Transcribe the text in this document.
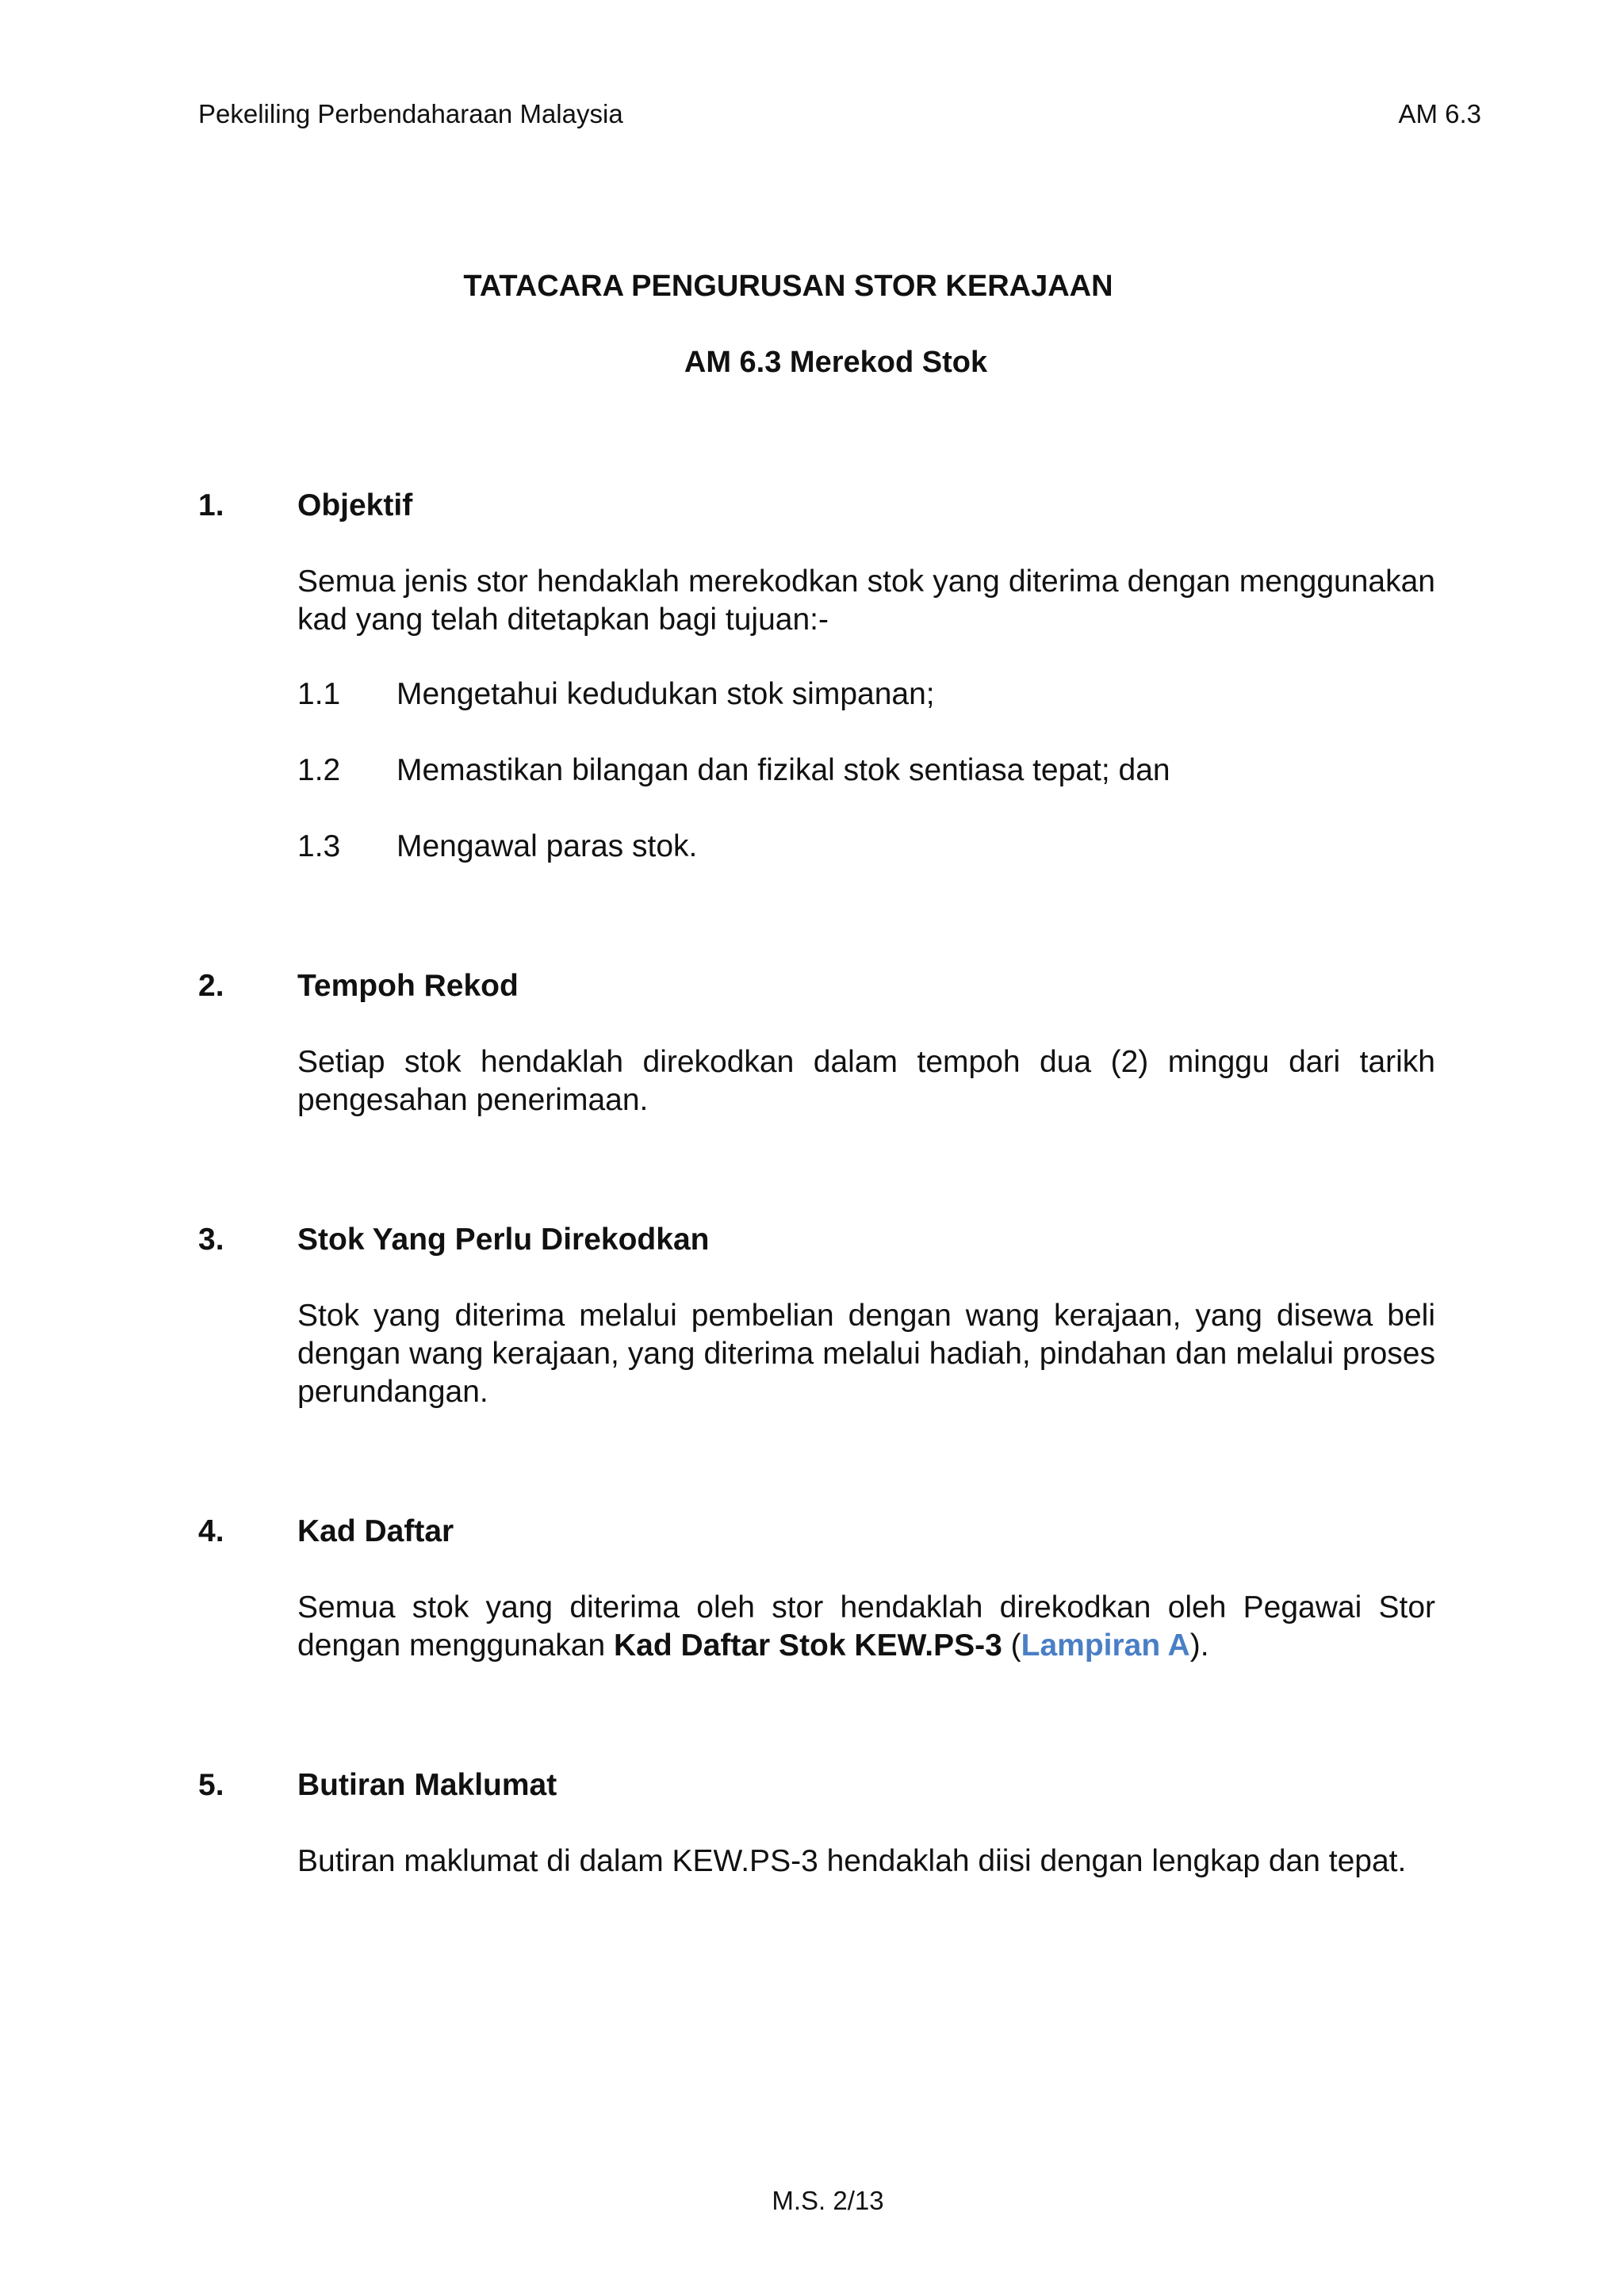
Pekeliling Perbendaharaan Malaysia	AM 6.3
TATACARA PENGURUSAN STOR KERAJAAN
AM 6.3 Merekod Stok
1. Objektif

Semua jenis stor hendaklah merekodkan stok yang diterima dengan menggunakan kad yang telah ditetapkan bagi tujuan:-

1.1 Mengetahui kedudukan stok simpanan;
1.2 Memastikan bilangan dan fizikal stok sentiasa tepat; dan
1.3 Mengawal paras stok.
2. Tempoh Rekod

Setiap stok hendaklah direkodkan dalam tempoh dua (2) minggu dari tarikh pengesahan penerimaan.

3. Stok Yang Perlu Direkodkan

Stok yang diterima melalui pembelian dengan wang kerajaan, yang disewa beli dengan wang kerajaan, yang diterima melalui hadiah, pindahan dan melalui proses perundangan.

4. Kad Daftar

Semua stok yang diterima oleh stor hendaklah direkodkan oleh Pegawai Stor dengan menggunakan Kad Daftar Stok KEW.PS-3 (Lampiran A).

5. Butiran Maklumat

Butiran maklumat di dalam KEW.PS-3 hendaklah diisi dengan lengkap dan tepat.

M.S. 2/13
